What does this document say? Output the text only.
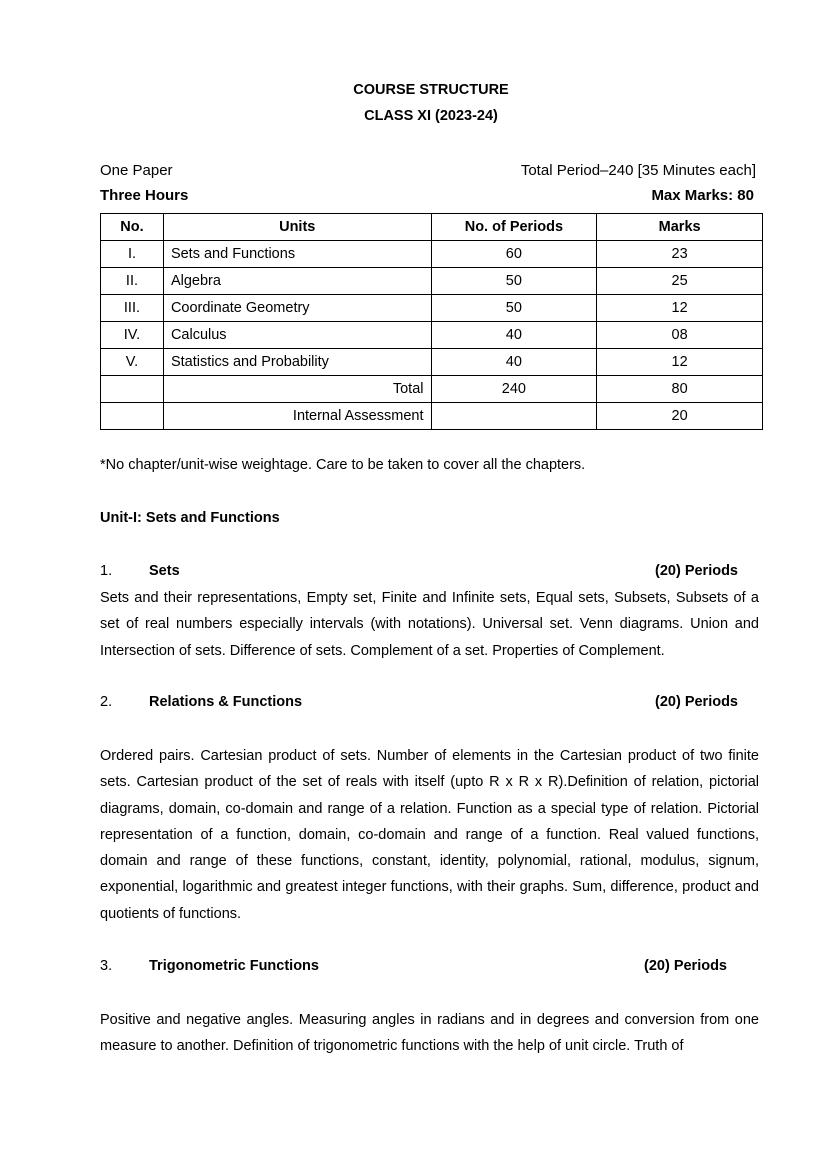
COURSE STRUCTURE
CLASS XI (2023-24)
One Paper	Total Period–240 [35 Minutes each]
Three Hours	Max Marks: 80
No.	Units	No. of Periods	Marks
I.	Sets and Functions	60	23
II.	Algebra	50	25
III.	Coordinate Geometry	50	12
IV.	Calculus	40	08
V.	Statistics and Probability	40	12
	Total	240	80
	Internal Assessment		20
*No chapter/unit-wise weightage. Care to be taken to cover all the chapters.
Unit-I: Sets and Functions
1.	Sets	(20) Periods
Sets and their representations, Empty set, Finite and Infinite sets, Equal sets, Subsets, Subsets of a set of real numbers especially intervals (with notations). Universal set. Venn diagrams. Union and Intersection of sets. Difference of sets. Complement of a set. Properties of Complement.
2.	Relations & Functions	(20) Periods
Ordered pairs. Cartesian product of sets. Number of elements in the Cartesian product of two finite sets. Cartesian product of the set of reals with itself (upto R x R x R).Definition of relation, pictorial diagrams, domain, co-domain and range of a relation. Function as a special type of relation. Pictorial representation of a function, domain, co-domain and range of a function. Real valued functions, domain and range of these functions, constant, identity, polynomial, rational, modulus, signum, exponential, logarithmic and greatest integer functions, with their graphs. Sum, difference, product and quotients of functions.
3.	Trigonometric Functions	(20) Periods
Positive and negative angles. Measuring angles in radians and in degrees and conversion from one measure to another. Definition of trigonometric functions with the help of unit circle. Truth of
